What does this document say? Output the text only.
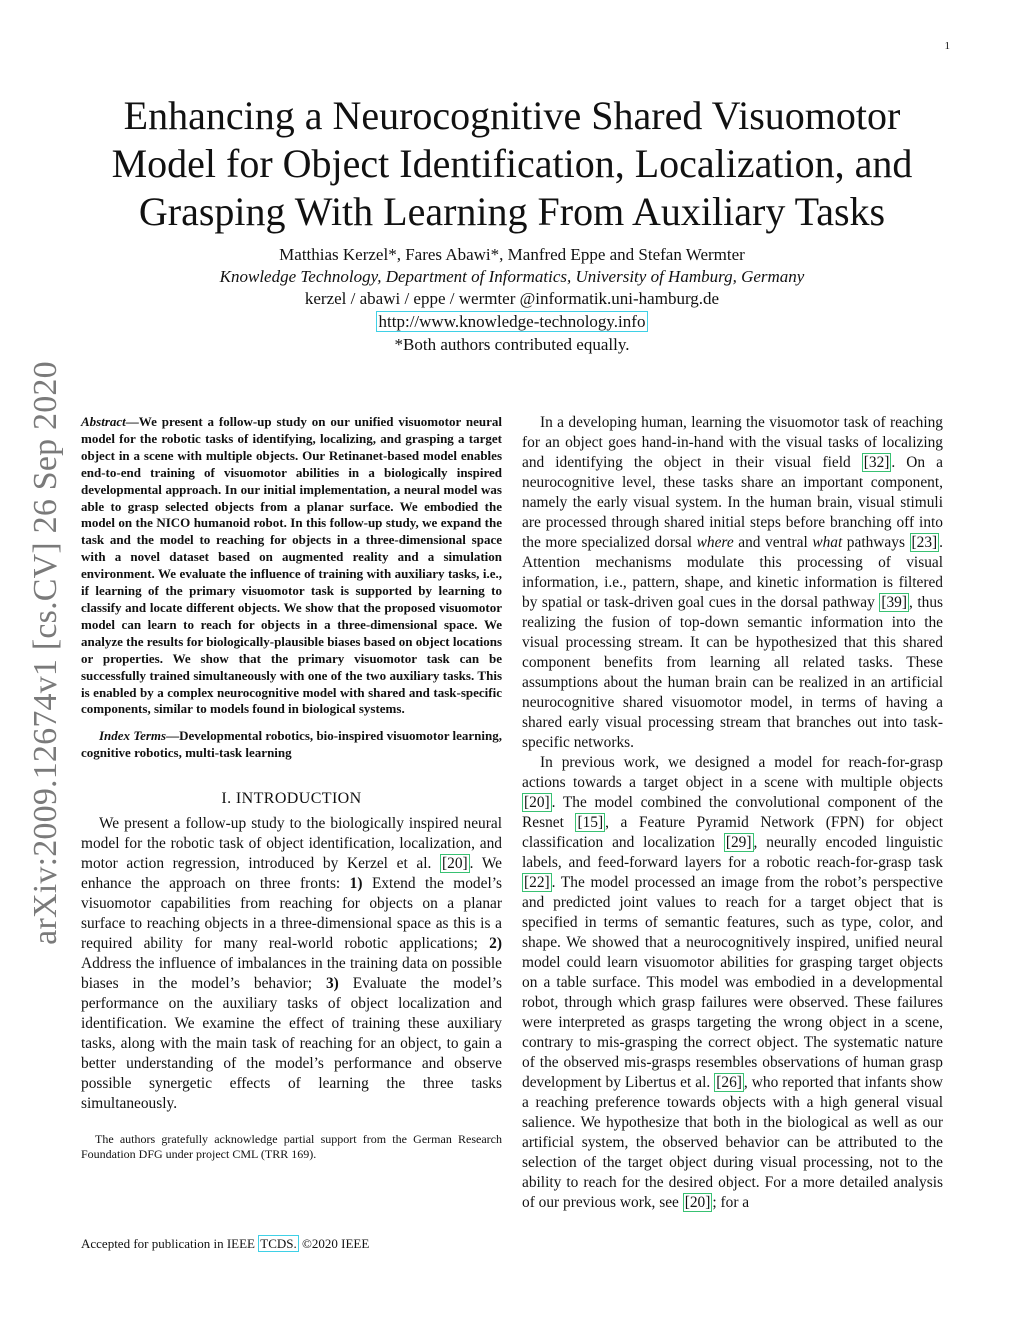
1
arXiv:2009.12674v1 [cs.CV] 26 Sep 2020
Enhancing a Neurocognitive Shared Visuomotor
Model for Object Identification, Localization, and
Grasping With Learning From Auxiliary Tasks
Matthias Kerzel*, Fares Abawi*, Manfred Eppe and Stefan Wermter
Knowledge Technology, Department of Informatics, University of Hamburg, Germany
kerzel / abawi / eppe / wermter @informatik.uni-hamburg.de
http://www.knowledge-technology.info
*Both authors contributed equally.

Abstract—We present a follow-up study on our unified visuomotor neural model for the robotic tasks of identifying, localizing, and grasping a target object in a scene with multiple objects. Our Retinanet-based model enables end-to-end training of visuomotor abilities in a biologically inspired developmental approach. In our initial implementation, a neural model was able to grasp selected objects from a planar surface. We embodied the model on the NICO humanoid robot. In this follow-up study, we expand the task and the model to reaching for objects in a three-dimensional space with a novel dataset based on augmented reality and a simulation environment. We evaluate the influence of training with auxiliary tasks, i.e., if learning of the primary visuomotor task is supported by learning to classify and locate different objects. We show that the proposed visuomotor model can learn to reach for objects in a three-dimensional space. We analyze the results for biologically-plausible biases based on object locations or properties. We show that the primary visuomotor task can be successfully trained simultaneously with one of the two auxiliary tasks. This is enabled by a complex neurocognitive model with shared and task-specific components, similar to models found in biological systems.

Index Terms—Developmental robotics, bio-inspired visuomotor learning, cognitive robotics, multi-task learning

I. INTRODUCTION

We present a follow-up study to the biologically inspired neural model for the robotic task of object identification, localization, and motor action regression, introduced by Kerzel et al. [20] . We enhance the approach on three fronts: 1) Extend the model’s visuomotor capabilities from reaching for objects on a planar surface to reaching objects in a three-dimensional space as this is a required ability for many real-world robotic applications; 2) Address the influence of imbalances in the training data on possible biases in the model’s behavior; 3) Evaluate the model’s performance on the auxiliary tasks of object localization and identification. We examine the effect of training these auxiliary tasks, along with the main task of reaching for an object, to gain a better understanding of the model’s performance and observe possible synergetic effects of learning the three tasks simultaneously.

The authors gratefully acknowledge partial support from the German Research Foundation DFG under project CML (TRR 169).

Accepted for publication in IEEE TCDS. ©2020 IEEE

In a developing human, learning the visuomotor task of reaching for an object goes hand-in-hand with the visual tasks of localizing and identifying the object in their visual field [32] . On a neurocognitive level, these tasks share an important component, namely the early visual system. In the human brain, visual stimuli are processed through shared initial steps before branching off into the more specialized dorsal where and ventral what pathways [23] . Attention mechanisms modulate this processing of visual information, i.e., pattern, shape, and kinetic information is filtered by spatial or task-driven goal cues in the dorsal pathway [39] , thus realizing the fusion of top-down semantic information into the visual processing stream. It can be hypothesized that this shared component benefits from learning all related tasks. These assumptions about the human brain can be realized in an artificial neurocognitive shared visuomotor model, in terms of having a shared early visual processing stream that branches out into task-specific networks.

In previous work, we designed a model for reach-for-grasp actions towards a target object in a scene with multiple objects [20] . The model combined the convolutional component of the Resnet [15] , a Feature Pyramid Network (FPN) for object classification and localization [29] , neurally encoded linguistic labels, and feed-forward layers for a robotic reach-for-grasp task [22] . The model processed an image from the robot’s perspective and predicted joint values to reach for a target object that is specified in terms of semantic features, such as type, color, and shape. We showed that a neurocognitively inspired, unified neural model could learn visuomotor abilities for grasping target objects on a table surface. This model was embodied in a developmental robot, through which grasp failures were observed. These failures were interpreted as grasps targeting the wrong object in a scene, contrary to mis-grasping the correct object. The systematic nature of the observed mis-grasps resembles observations of human grasp development by Libertus et al. [26] , who reported that infants show a reaching preference towards objects with a high general visual salience. We hypothesize that both in the biological as well as our artificial system, the observed behavior can be attributed to the selection of the target object during visual processing, not to the ability to reach for the desired object. For a more detailed analysis of our previous work, see [20] ; for a
